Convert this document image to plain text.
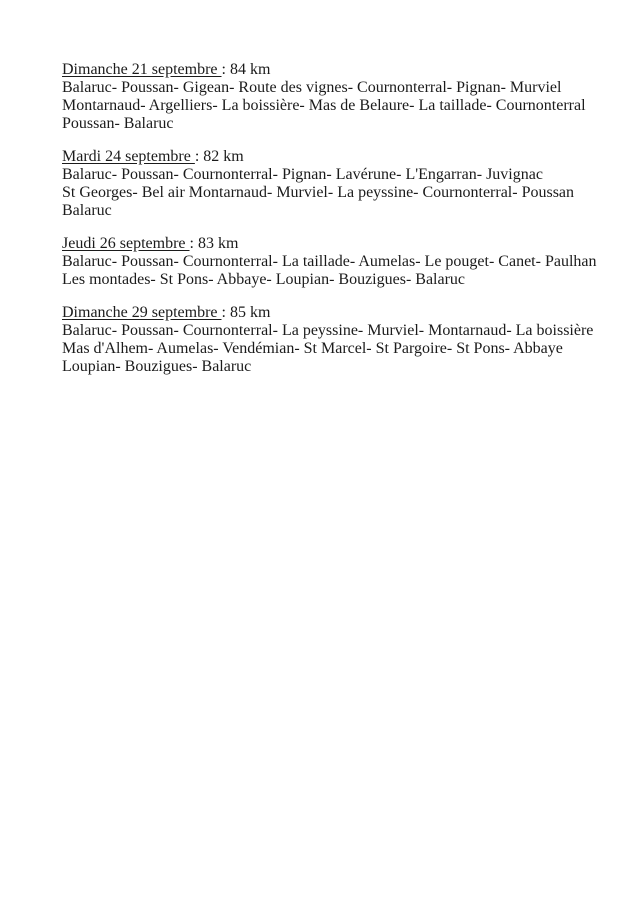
Dimanche 21 septembre : 84 km
Balaruc- Poussan- Gigean- Route des vignes- Cournonterral- Pignan- Murviel
Montarnaud- Argelliers- La boissière- Mas de Belaure- La taillade- Cournonterral
Poussan- Balaruc
Mardi 24 septembre : 82 km
Balaruc- Poussan- Cournonterral- Pignan- Lavérune- L'Engarran- Juvignac
St Georges- Bel air Montarnaud- Murviel- La peyssine- Cournonterral- Poussan
Balaruc
Jeudi 26 septembre : 83 km
Balaruc- Poussan- Cournonterral- La taillade- Aumelas- Le pouget- Canet- Paulhan
Les montades- St Pons- Abbaye- Loupian- Bouzigues- Balaruc
Dimanche 29 septembre : 85 km
Balaruc- Poussan- Cournonterral- La peyssine- Murviel- Montarnaud- La boissière
Mas d'Alhem- Aumelas- Vendémian- St Marcel- St Pargoire- St Pons- Abbaye
Loupian- Bouzigues- Balaruc
